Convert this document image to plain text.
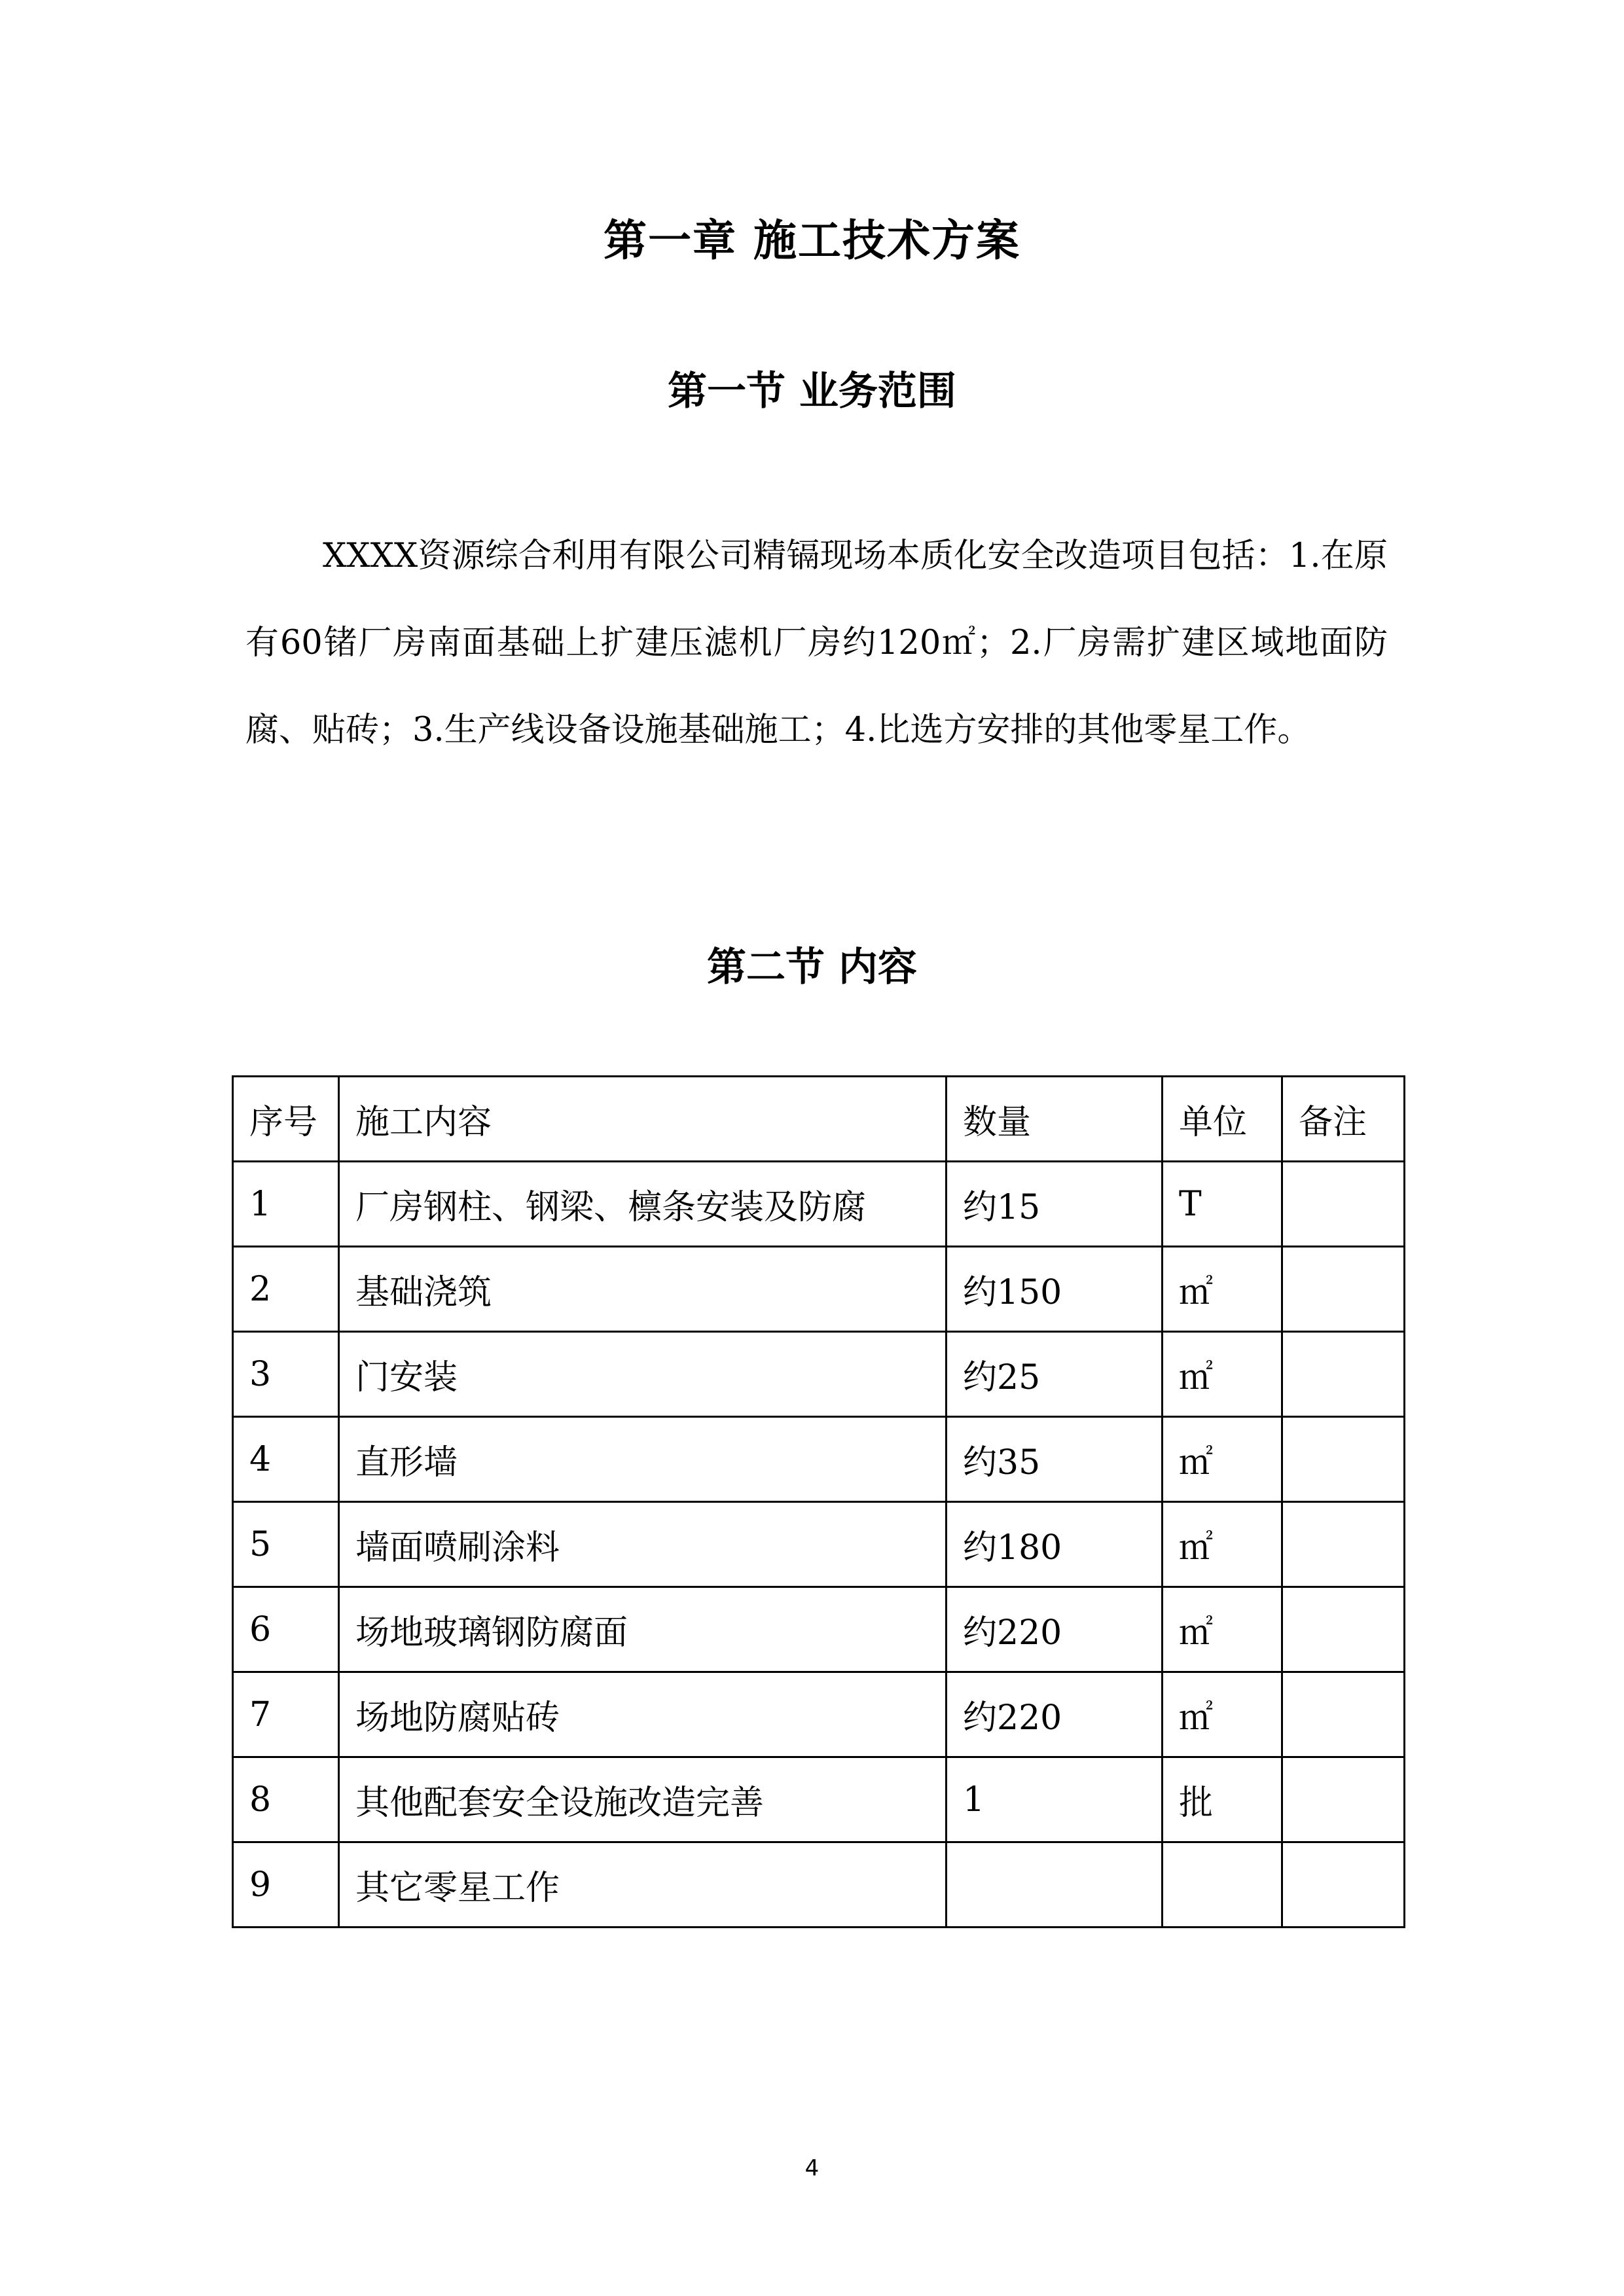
第一章 施工技术方案
第一节 业务范围
XXXX资源综合利用有限公司精镉现场本质化安全改造项目包括：1.在原有60锗厂房南面基础上扩建压滤机厂房约120㎡；2.厂房需扩建区域地面防腐、贴砖；3.生产线设备设施基础施工；4.比选方安排的其他零星工作。
第二节 内容
序号	施工内容	数量	单位	备注
1	厂房钢柱、钢梁、檩条安装及防腐	约15	T	
2	基础浇筑	约150	㎡	
3	门安装	约25	㎡	
4	直形墙	约35	㎡	
5	墙面喷刷涂料	约180	㎡	
6	场地玻璃钢防腐面	约220	㎡	
7	场地防腐贴砖	约220	㎡	
8	其他配套安全设施改造完善	1	批	
9	其它零星工作			
4
